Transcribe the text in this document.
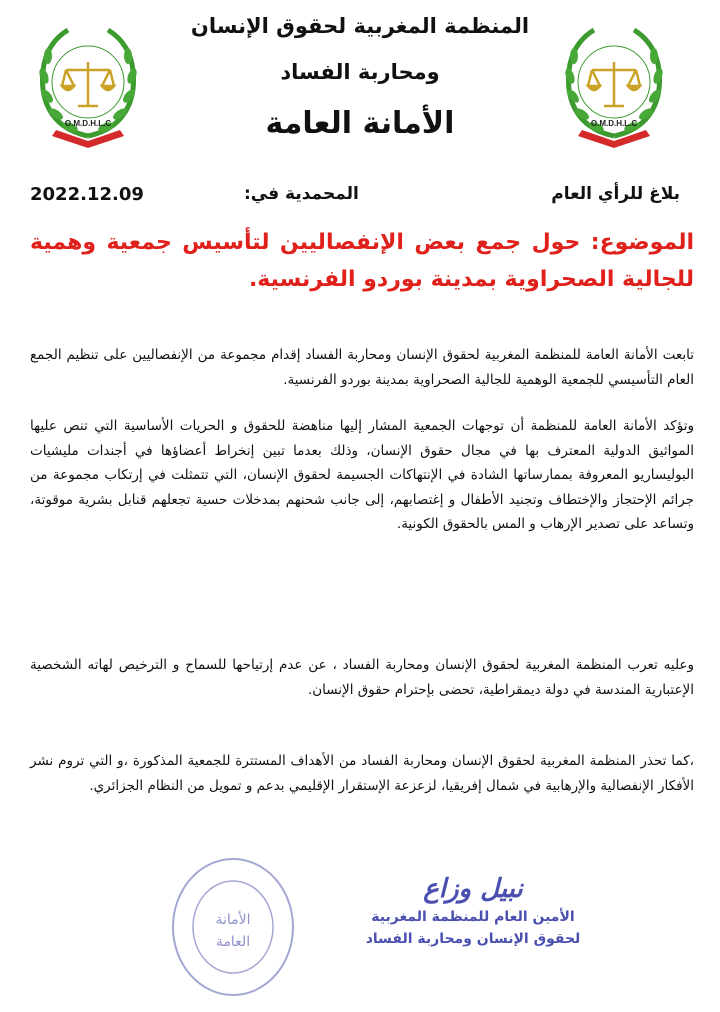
O.M.D.H.L.C	O.M.D.H.L.C
المنظمة المغربية لحقوق الإنسان
ومحاربة الفساد
الأمانة العامة
بلاغ للرأي العام
المحمدية في:
2022.12.09
الموضوع: حول جمع بعض الإنفصاليين لتأسيس جمعية وهمية للجالية الصحراوية بمدينة بوردو الفرنسية.
تابعت الأمانة العامة للمنظمة المغربية لحقوق الإنسان ومحاربة الفساد إقدام مجموعة من الإنفصاليين على تنظيم الجمع العام التأسيسي للجمعية الوهمية للجالية الصحراوية بمدينة بوردو الفرنسية.
وتؤكد الأمانة العامة للمنظمة أن توجهات الجمعية المشار إليها مناهضة للحقوق و الحريات الأساسية التي تنص عليها المواثيق الدولية المعترف بها في مجال حقوق الإنسان، وذلك بعدما تبين إنخراط أعضاؤها في أجندات مليشيات البوليساريو المعروفة بممارساتها الشادة في الإنتهاكات الجسيمة لحقوق الإنسان، التي تتمثلت في إرتكاب مجموعة من جرائم الإحتجاز والإختطاف وتجنيد الأطفال و إغتصابهم، إلى جانب شحنهم بمدخلات حسية تجعلهم قنابل بشرية موقوتة، وتساعد على تصدير الإرهاب و المس بالحقوق الكونية.
وعليه تعرب المنظمة المغربية لحقوق الإنسان ومحاربة الفساد ، عن عدم إرتياحها للسماح و الترخيص لهاته الشخصية الإعتبارية المندسة في دولة ديمقراطية، تحضى بإحترام حقوق الإنسان.
،كما تحذر المنظمة المغربية لحقوق الإنسان ومحاربة الفساد من الأهداف المستترة للجمعية المذكورة ،و التي تروم نشر الأفكار الإنفصالية والإرهابية في شمال إفريقيا، لزعزعة الإستقرار الإقليمي بدعم و تمويل من النظام الجزائري.
الأمانة
العامة
نبيل وزاع
الأمين العام للمنظمة المغربية
لحقوق الإنسان ومحاربة الفساد
